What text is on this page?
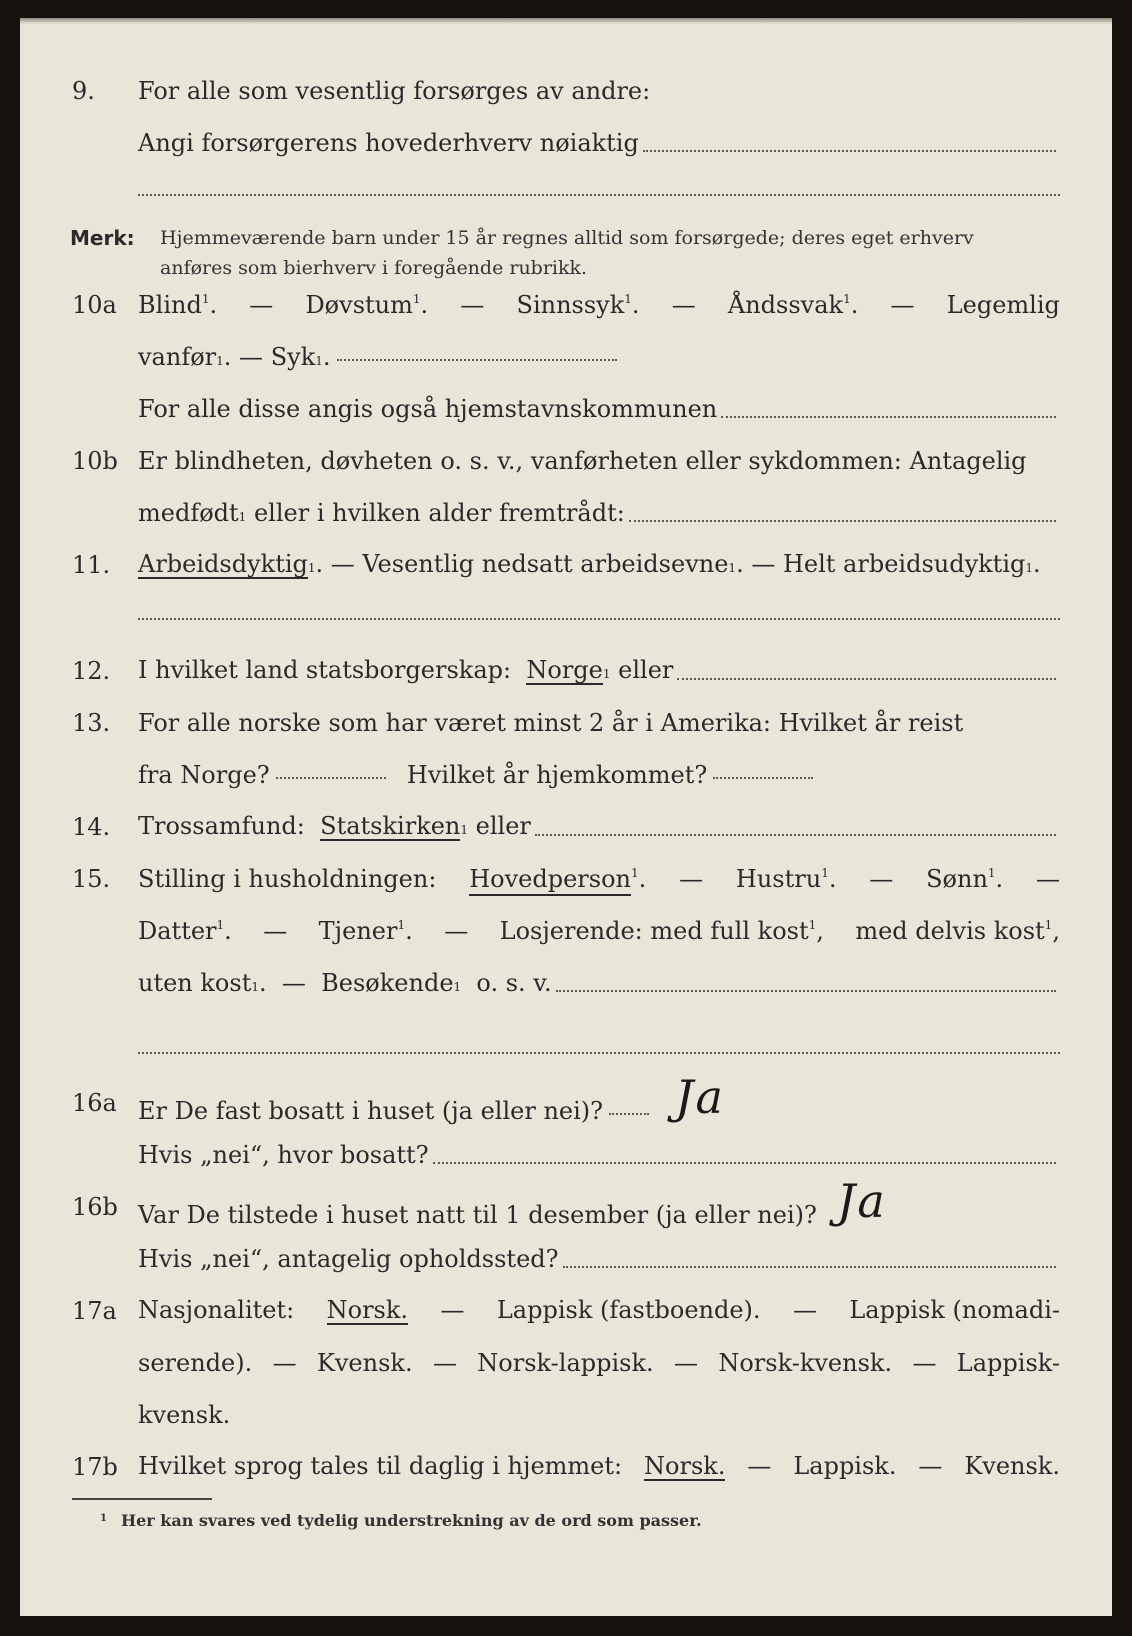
9.	For alle som vesentlig forsørges av andre:
Angi forsørgerens hovederhverv nøiaktig
Merk:	Hjemmeværende barn under 15 år regnes alltid som forsørgede; deres eget erhverv
anføres som bierhverv i foregående rubrikk.
10a Blind$^1$. — Døvstum$^1$. — Sinnssyk$^1$. — Åndssvak$^1$. — Legemlig
vanfør 1 . —
Syk 1 .
For alle disse angis også hjemstavnskommunen
10b Er blindheten, døvheten o. s. v., vanførheten eller sykdommen: Antagelig
medfødt 1
eller i hvilken alder fremtrådt:
11.	Arbeidsdyktig 1 . —
Vesentlig nedsatt arbeidsevne 1 . —
Helt arbeidsudyktig 1 .
12.	I hvilket land statsborgerskap:
Norge 1
eller
13.	For alle norske som har været minst 2 år i Amerika: Hvilket år reist
fra Norge?
	Hvilket år hjemkommet?
14.	Trossamfund:
Statskirken 1
eller
15.	Stilling i husholdningen: Hovedperson$^1$. — Hustru$^1$. — Sønn$^1$. —
Datter$^1$. — Tjener$^1$. — Losjerende: med full kost$^1$, med delvis kost$^1$,
uten kost 1 . —
Besøkende 1
o. s. v.
16a Er De fast bosatt i huset (ja eller nei)? Ja
Hvis „nei“, hvor bosatt?
16b Var De tilstede i huset natt til 1 desember (ja eller nei)? Ja
Hvis „nei“, antagelig opholdssted?
17a Nasjonalitet: Norsk. — Lappisk (fastboende). — Lappisk (nomadi-
serende). — Kvensk. — Norsk-lappisk. — Norsk-kvensk. — Lappisk-
kvensk.
17b Hvilket sprog tales til daglig i hjemmet: Norsk. — Lappisk. — Kvensk.
$^1$ Her kan svares ved tydelig understrekning av de ord som passer.
